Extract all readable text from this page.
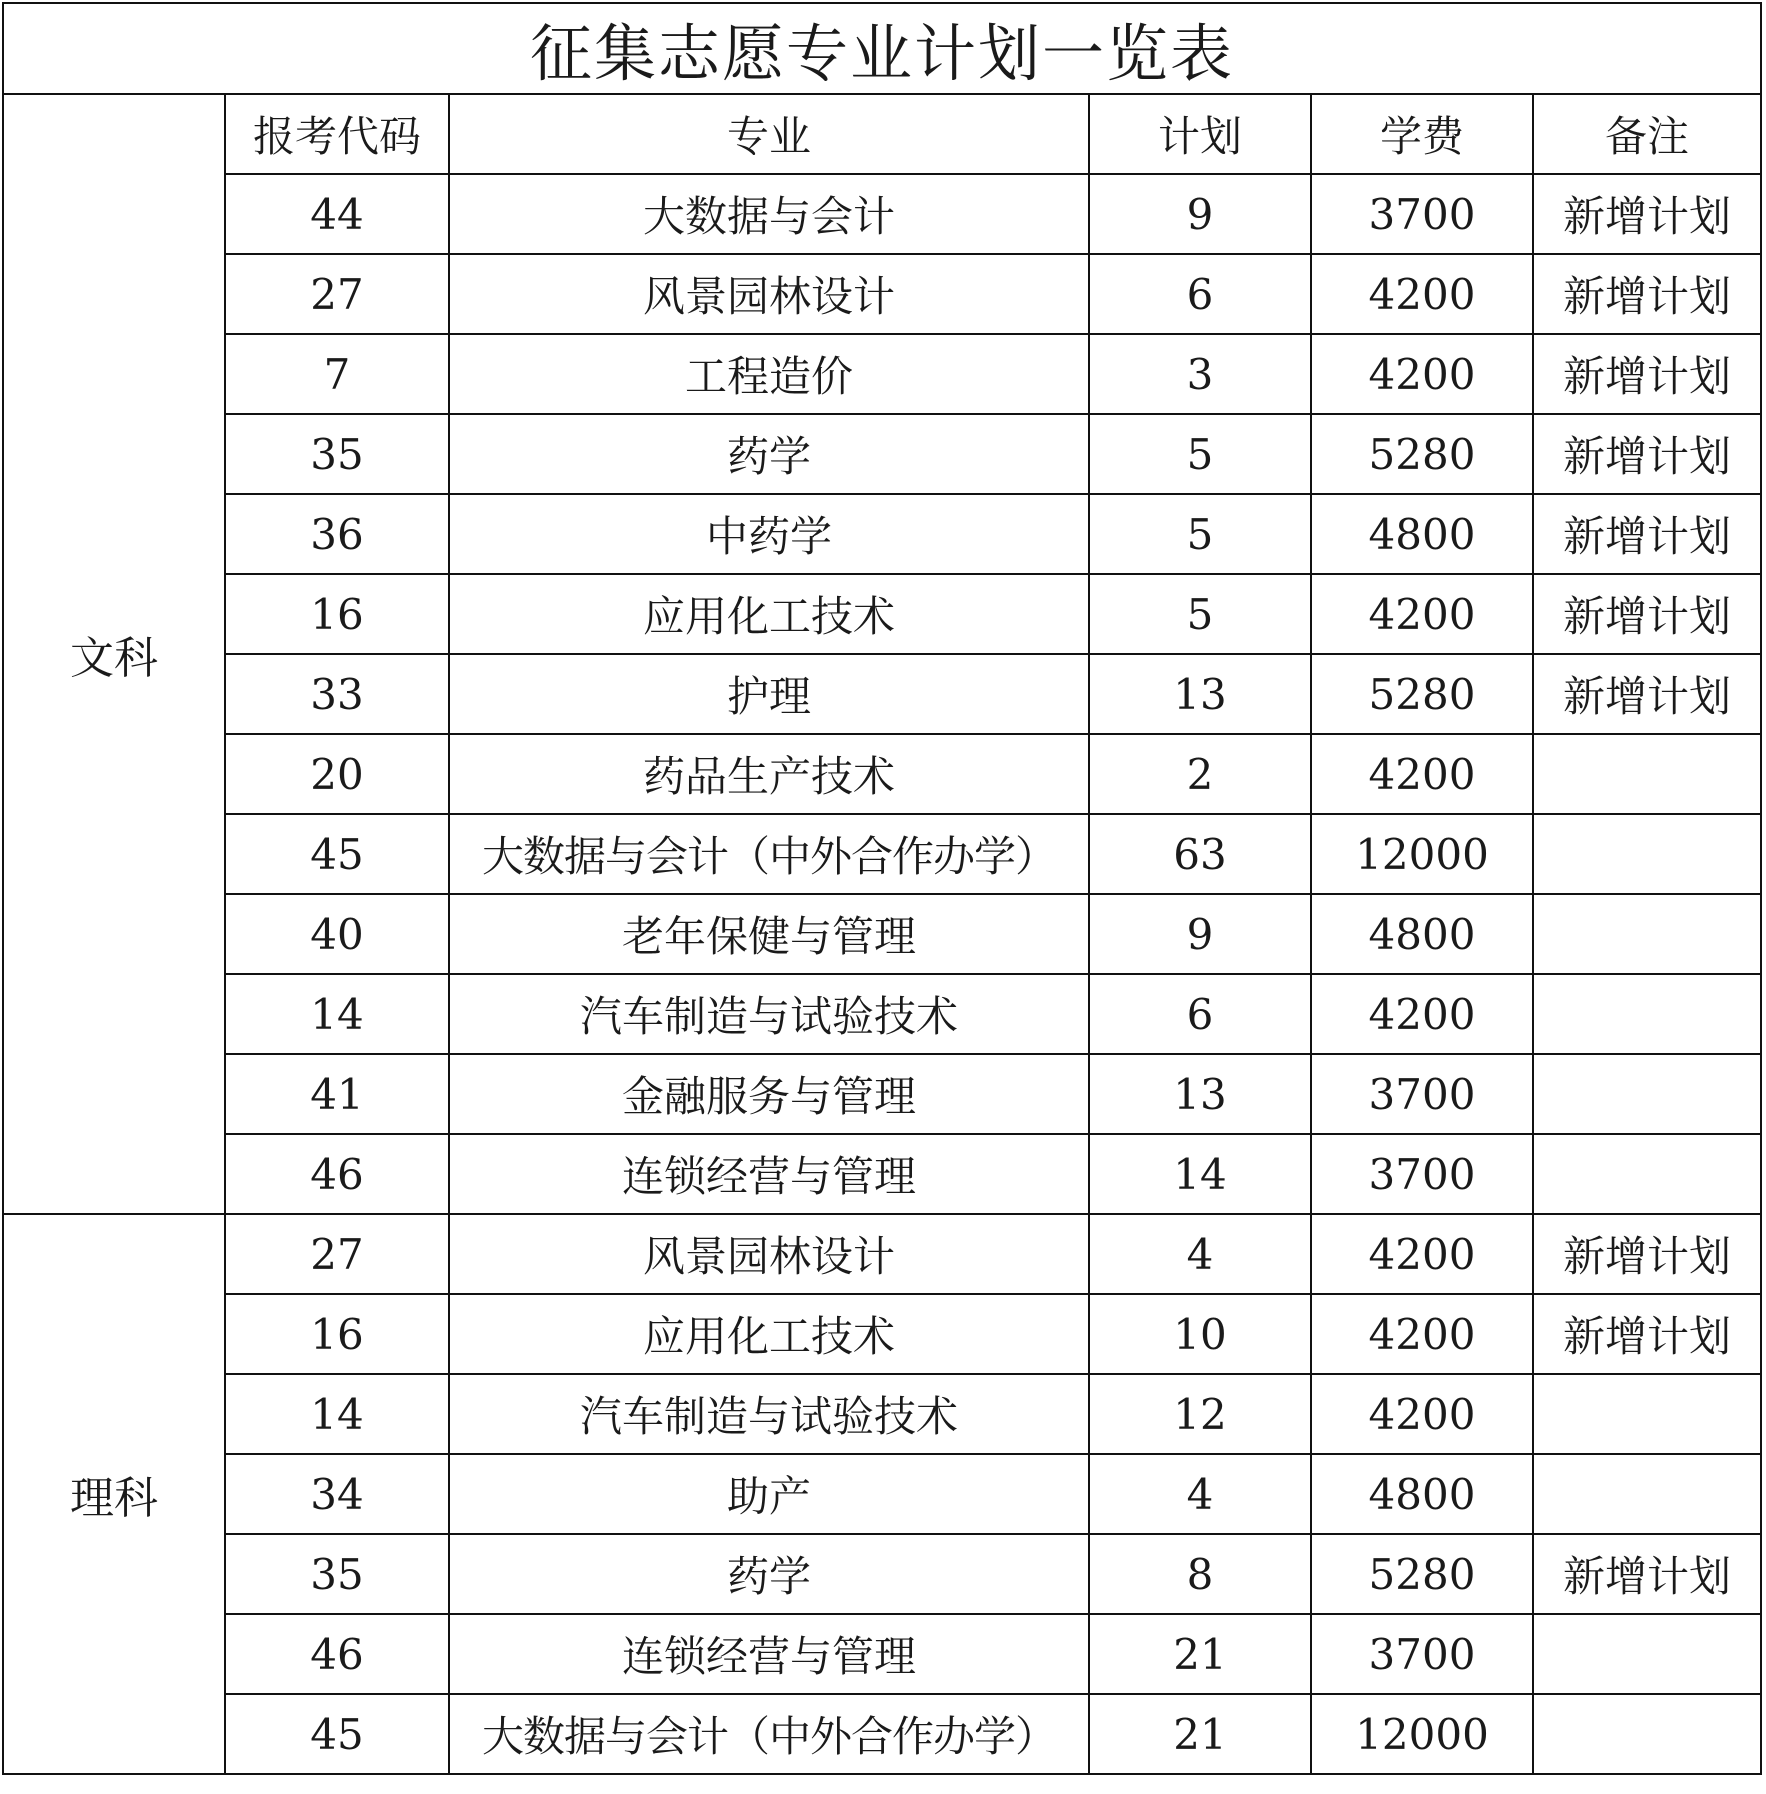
征集志愿专业计划一览表					
文科	报考代码	专业	计划	学费	备注
	44	大数据与会计	9	3700	新增计划
	27	风景园林设计	6	4200	新增计划
	7	工程造价	3	4200	新增计划
	35	药学	5	5280	新增计划
	36	中药学	5	4800	新增计划
	16	应用化工技术	5	4200	新增计划
	33	护理	13	5280	新增计划
	20	药品生产技术	2	4200	
	45	大数据与会计（中外合作办学）	63	12000	
	40	老年保健与管理	9	4800	
	14	汽车制造与试验技术	6	4200	
	41	金融服务与管理	13	3700	
	46	连锁经营与管理	14	3700	
理科	27	风景园林设计	4	4200	新增计划
	16	应用化工技术	10	4200	新增计划
	14	汽车制造与试验技术	12	4200	
	34	助产	4	4800	
	35	药学	8	5280	新增计划
	46	连锁经营与管理	21	3700	
	45	大数据与会计（中外合作办学）	21	12000	
